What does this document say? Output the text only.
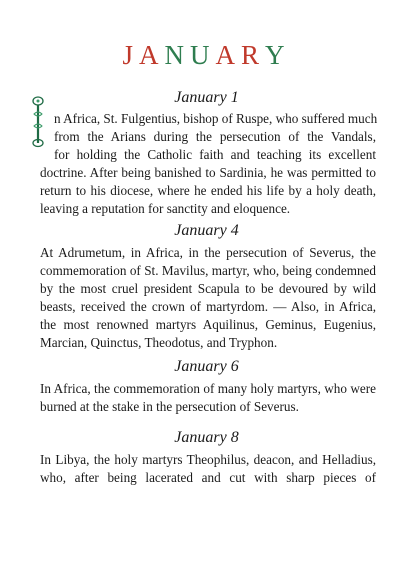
JANUARY
January 1
n Africa, St. Fulgentius, bishop of Ruspe, who suffered much
from the Arians during the persecution of the Vandals,
for holding the Catholic faith and teaching its excellent
doctrine. After being banished to Sardinia, he was permitted to
return to his diocese, where he ended his life by a holy death,
leaving a reputation for sanctity and eloquence.
January 4
At Adrumetum, in Africa, in the persecution of Severus, the
commemoration of St. Mavilus, martyr, who, being condemned
by the most cruel president Scapula to be devoured by wild
beasts, received the crown of martyrdom. — Also, in Africa,
the most renowned martyrs Aquilinus, Geminus, Eugenius,
Marcian, Quinctus, Theodotus, and Tryphon.
January 6
In Africa, the commemoration of many holy martyrs, who were
burned at the stake in the persecution of Severus.
January 8
In Libya, the holy martyrs Theophilus, deacon, and Helladius,
who, after being lacerated and cut with sharp pieces of
